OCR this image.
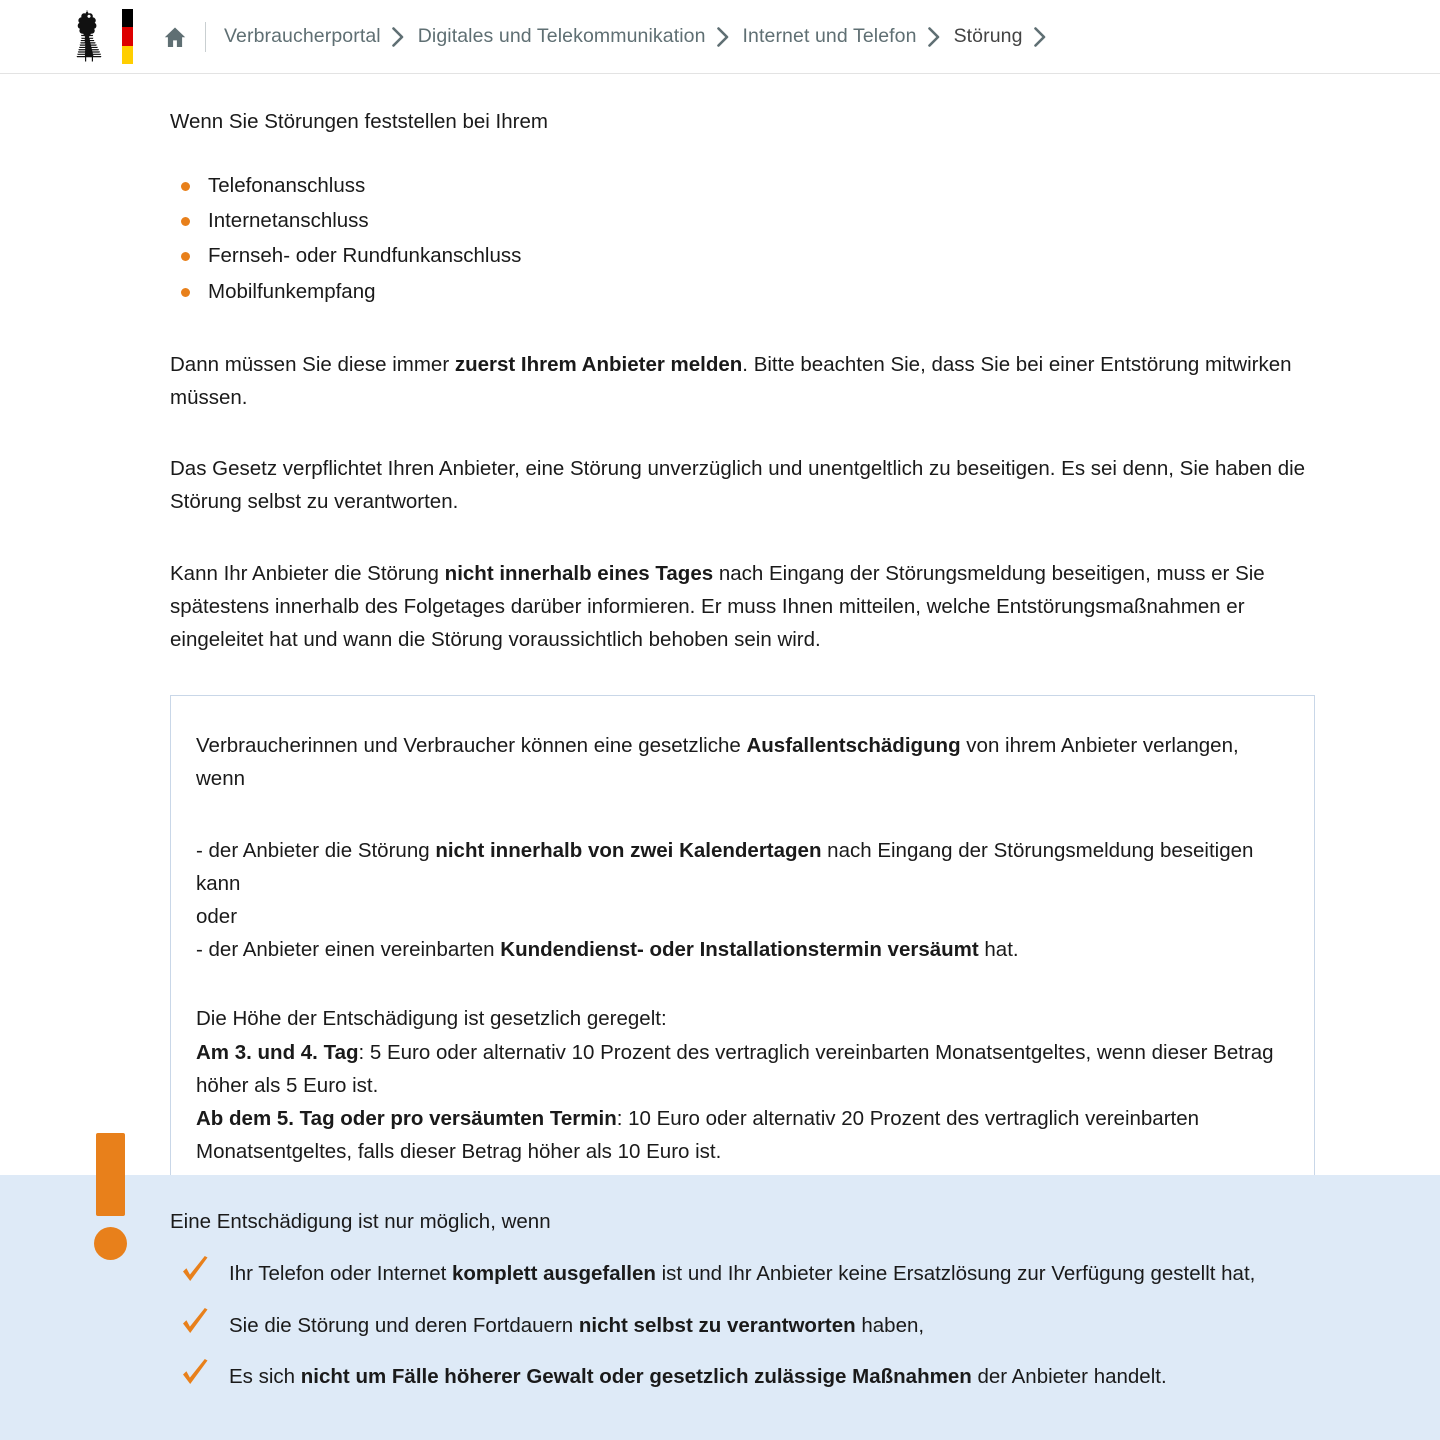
Verbraucherportal Digitales und Telekommunikation Internet und Telefon Störung

Wenn Sie Störungen feststellen bei Ihrem

Telefonanschluss
Internetanschluss
Fernseh- oder Rundfunkanschluss
Mobilfunkempfang

Dann müssen Sie diese immer zuerst Ihrem Anbieter melden. Bitte beachten Sie, dass Sie bei einer Entstörung mitwirken müssen.

Das Gesetz verpflichtet Ihren Anbieter, eine Störung unverzüglich und unentgeltlich zu beseitigen. Es sei denn, Sie haben die Störung selbst zu verantworten.

Kann Ihr Anbieter die Störung nicht innerhalb eines Tages nach Eingang der Störungsmeldung beseitigen, muss er Sie spätestens innerhalb des Folgetages darüber informieren. Er muss Ihnen mitteilen, welche Entstörungsmaßnahmen er eingeleitet hat und wann die Störung voraussichtlich behoben sein wird.

Verbraucherinnen und Verbraucher können eine gesetzliche Ausfallentschädigung von ihrem Anbieter verlangen, wenn

- der Anbieter die Störung nicht innerhalb von zwei Kalendertagen nach Eingang der Störungsmeldung beseitigen kann

oder

- der Anbieter einen vereinbarten Kundendienst- oder Installationstermin versäumt hat.

Die Höhe der Entschädigung ist gesetzlich geregelt:

Am 3. und 4. Tag: 5 Euro oder alternativ 10 Prozent des vertraglich vereinbarten Monatsentgeltes, wenn dieser Betrag höher als 5 Euro ist.

Ab dem 5. Tag oder pro versäumten Termin: 10 Euro oder alternativ 20 Prozent des vertraglich vereinbarten Monatsentgeltes, falls dieser Betrag höher als 10 Euro ist.

Eine Entschädigung ist nur möglich, wenn

Ihr Telefon oder Internet komplett ausgefallen ist und Ihr Anbieter keine Ersatzlösung zur Verfügung gestellt hat,
Sie die Störung und deren Fortdauern nicht selbst zu verantworten haben,
Es sich nicht um Fälle höherer Gewalt oder gesetzlich zulässige Maßnahmen der Anbieter handelt.
